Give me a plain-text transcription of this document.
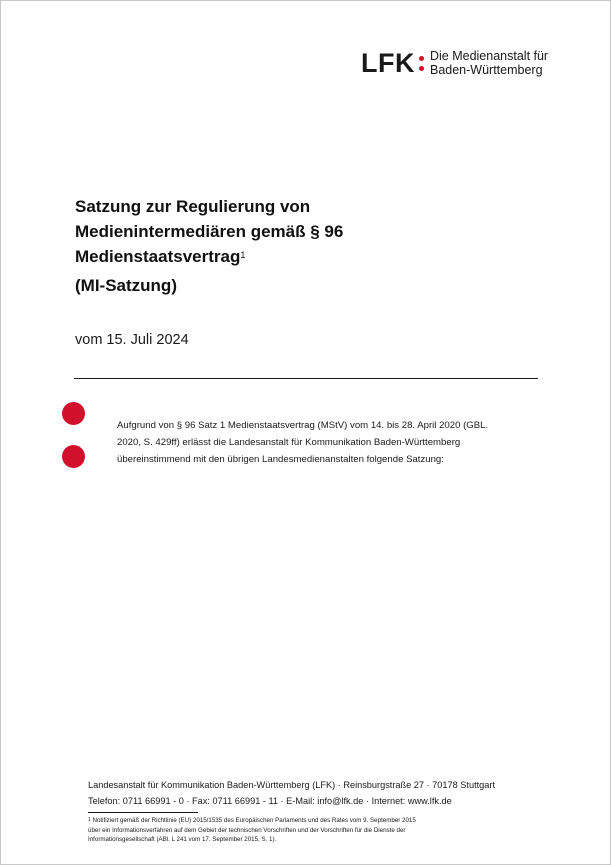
LFK Die Medienanstalt für
Baden-Württemberg
Satzung zur Regulierung von
Medienintermediären gemäß § 96
Medienstaatsvertrag$^1$
(MI-Satzung)
vom 15. Juli 2024
Aufgrund von § 96 Satz 1 Medienstaatsvertrag (MStV) vom 14. bis 28. April 2020 (GBL.
2020, S. 429ff) erlässt die Landesanstalt für Kommunikation Baden-Württemberg
übereinstimmend mit den übrigen Landesmedienanstalten folgende Satzung:
Landesanstalt für Kommunikation Baden-Württemberg (LFK) · Reinsburgstraße 27 · 70178 Stuttgart
Telefon: 0711 66991 - 0 · Fax: 0711 66991 - 11 · E-Mail: info@lfk.de · Internet: www.lfk.de
$^1$ Notifiziert gemäß der Richtlinie (EU) 2015/1535 des Europäischen Parlaments und des Rates vom 9. September 2015
über ein Informationsverfahren auf dem Gebiet der technischen Vorschriften und der Vorschriften für die Dienste der
Informationsgesellschaft (ABl. L 241 vom 17. September 2015, S. 1).
